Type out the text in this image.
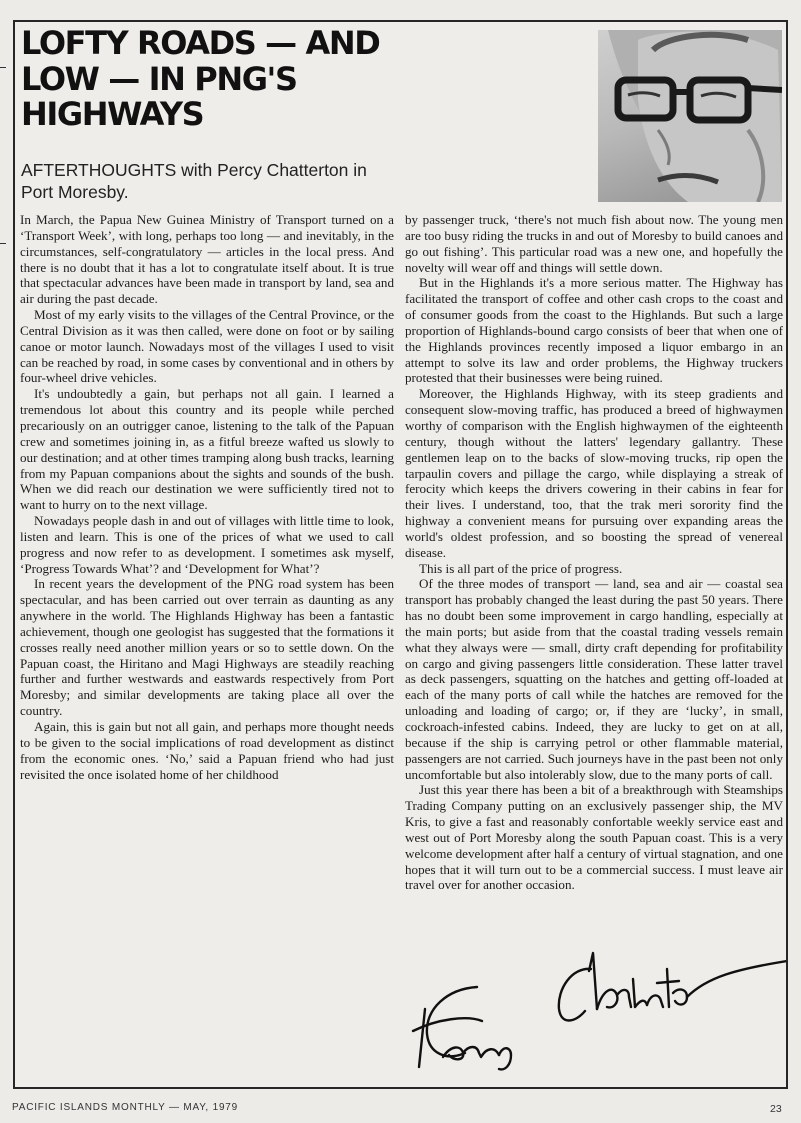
LOFTY ROADS — AND LOW — IN PNG'S HIGHWAYS
AFTERTHOUGHTS with Percy Chatterton in Port Moresby.

In March, the Papua New Guinea Ministry of Transport turned on a ‘Transport Week’, with long, perhaps too long — and inevitably, in the circumstances, self-congratulatory — articles in the local press. And there is no doubt that it has a lot to congratulate itself about. It is true that spectacular advances have been made in transport by land, sea and air during the past decade.

Most of my early visits to the villages of the Central Province, or the Central Division as it was then called, were done on foot or by sailing canoe or motor launch. Nowadays most of the villages I used to visit can be reached by road, in some cases by conventional and in others by four-wheel drive vehicles.

It's undoubtedly a gain, but perhaps not all gain. I learned a tremendous lot about this country and its people while perched precariously on an outrigger canoe, listening to the talk of the Papuan crew and sometimes joining in, as a fitful breeze wafted us slowly to our destination; and at other times tramping along bush tracks, learning from my Papuan companions about the sights and sounds of the bush. When we did reach our destination we were sufficiently tired not to want to hurry on to the next village.

Nowadays people dash in and out of villages with little time to look, listen and learn. This is one of the prices of what we used to call progress and now refer to as development. I sometimes ask myself, ‘Progress Towards What’? and ‘Development for What’?

In recent years the development of the PNG road system has been spectacular, and has been carried out over terrain as daunting as any anywhere in the world. The Highlands Highway has been a fantastic achievement, though one geologist has suggested that the formations it crosses really need another million years or so to settle down. On the Papuan coast, the Hiritano and Magi Highways are steadily reaching further and further westwards and eastwards respectively from Port Moresby; and similar developments are taking place all over the country.

Again, this is gain but not all gain, and perhaps more thought needs to be given to the social implications of road development as distinct from the economic ones. ‘No,’ said a Papuan friend who had just revisited the once isolated home of her childhood

by passenger truck, ‘there's not much fish about now. The young men are too busy riding the trucks in and out of Moresby to build canoes and go out fishing’. This particular road was a new one, and hopefully the novelty will wear off and things will settle down.

But in the Highlands it's a more serious matter. The Highway has facilitated the transport of coffee and other cash crops to the coast and of consumer goods from the coast to the Highlands. But such a large proportion of Highlands-bound cargo consists of beer that when one of the Highlands provinces recently imposed a liquor embargo in an attempt to solve its law and order problems, the Highway truckers protested that their businesses were being ruined.

Moreover, the Highlands Highway, with its steep gradients and consequent slow-moving traffic, has produced a breed of highwaymen worthy of comparison with the English highwaymen of the eighteenth century, though without the latters' legendary gallantry. These gentlemen leap on to the backs of slow-moving trucks, rip open the tarpaulin covers and pillage the cargo, while displaying a streak of ferocity which keeps the drivers cowering in their cabins in fear for their lives. I understand, too, that the trak meri sorority find the highway a convenient means for pursuing over expanding areas the world's oldest profession, and so boosting the spread of venereal disease.

This is all part of the price of progress.

Of the three modes of transport — land, sea and air — coastal sea transport has probably changed the least during the past 50 years. There has no doubt been some improvement in cargo handling, especially at the main ports; but aside from that the coastal trading vessels remain what they always were — small, dirty craft depending for profitability on cargo and giving passengers little consideration. These latter travel as deck passengers, squatting on the hatches and getting off-loaded at each of the many ports of call while the hatches are removed for the unloading and loading of cargo; or, if they are ‘lucky’, in small, cockroach-infested cabins. Indeed, they are lucky to get on at all, because if the ship is carrying petrol or other flammable material, passengers are not carried. Such journeys have in the past been not only uncomfortable but also intolerably slow, due to the many ports of call.

Just this year there has been a bit of a breakthrough with Steamships Trading Company putting on an exclusively passenger ship, the MV Kris, to give a fast and reasonably confortable weekly service east and west out of Port Moresby along the south Papuan coast. This is a very welcome development after half a century of virtual stagnation, and one hopes that it will turn out to be a commercial success. I must leave air travel over for another occasion.

PACIFIC ISLANDS MONTHLY — MAY, 1979	23
